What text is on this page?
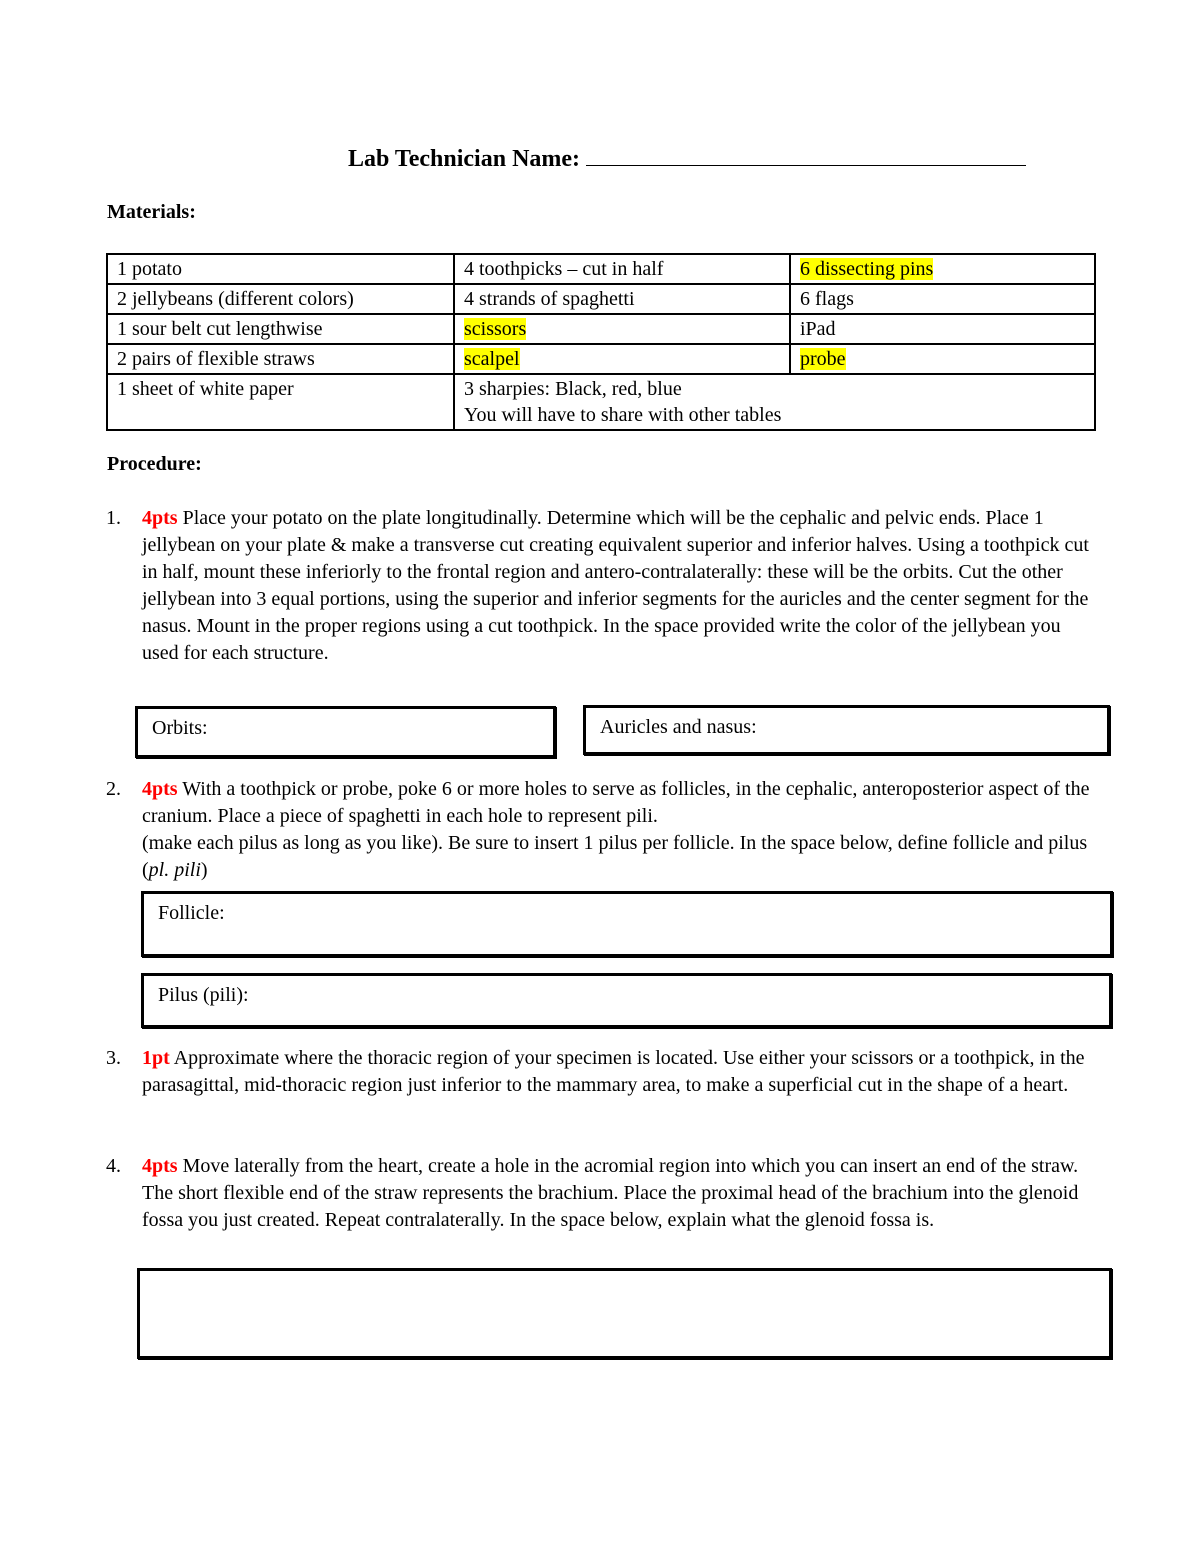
Lab Technician Name:
Materials:
1 potato	4 toothpicks – cut in half	6 dissecting pins
2 jellybeans (different colors)	4 strands of spaghetti	6 flags
1 sour belt cut lengthwise	scissors	iPad
2 pairs of flexible straws	scalpel	probe
1 sheet of white paper	3 sharpies: Black, red, blue
You will have to share with other tables	
Procedure:
1. 4pts Place your potato on the plate longitudinally. Determine which will be the cephalic and pelvic ends. Place 1 jellybean on your plate & make a transverse cut creating equivalent superior and inferior halves. Using a toothpick cut in half, mount these inferiorly to the frontal region and antero-contralaterally: these will be the orbits. Cut the other jellybean into 3 equal portions, using the superior and inferior segments for the auricles and the center segment for the nasus. Mount in the proper regions using a cut toothpick. In the space provided write the color of the jellybean you used for each structure.
Orbits:	Auricles and nasus:
2. 4pts With a toothpick or probe, poke 6 or more holes to serve as follicles, in the cephalic, anteroposterior aspect of the cranium. Place a piece of spaghetti in each hole to represent pili.
(make each pilus as long as you like). Be sure to insert 1 pilus per follicle. In the space below, define follicle and pilus (pl. pili)
Follicle:
Pilus (pili):
3. 1pt Approximate where the thoracic region of your specimen is located. Use either your scissors or a toothpick, in the parasagittal, mid-thoracic region just inferior to the mammary area, to make a superficial cut in the shape of a heart.
4. 4pts Move laterally from the heart, create a hole in the acromial region into which you can insert an end of the straw. The short flexible end of the straw represents the brachium. Place the proximal head of the brachium into the glenoid fossa you just created. Repeat contralaterally. In the space below, explain what the glenoid fossa is.
